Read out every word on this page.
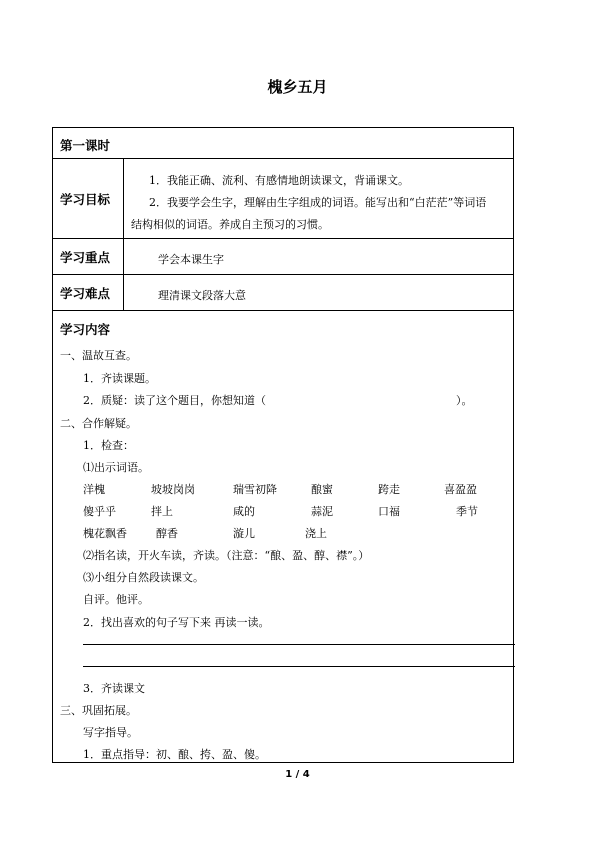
槐乡五月
第一课时
学习目标
1．我能正确、流利、有感情地朗读课文，背诵课文。
2．我要学会生字，理解由生字组成的词语。能写出和“白茫茫”等词语
结构相似的词语。养成自主预习的习惯。
学习重点	学会本课生字
学习难点	理清课文段落大意
学习内容
一、温故互查。
1．齐读课题。
2．质疑：读了这个题目，你想知道（	）。
二、合作解疑。
1．检查：
⑴出示词语。
洋槐	坡坡岗岗	瑞雪初降	酿蜜	跨走	喜盈盈
傻乎乎	拌上	咸的	蒜泥	口福	季节
槐花飘香	醇香	漩儿	浇上
⑵指名读，开火车读，齐读。（注意：“酿、盈、醇、襟”。）
⑶小组分自然段读课文。
自评。他评。
2．找出喜欢的句子写下来 再读一读。
3．齐读课文
三、巩固拓展。
写字指导。
1．重点指导：初、酿、挎、盈、傻。
1 / 4
